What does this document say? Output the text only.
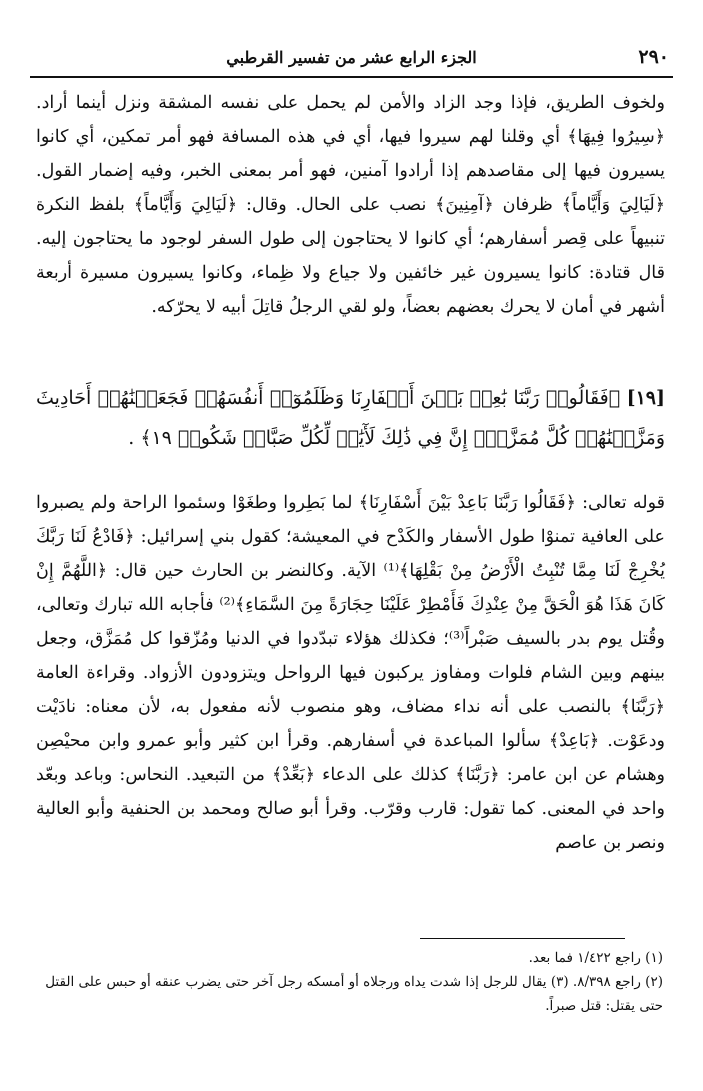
٢٩٠
الجزء الرابع عشر من تفسير القرطبي

ولخوف الطريق، فإذا وجد الزاد والأمن لم يحمل على نفسه المشقة ونزل أينما أراد. ﴿سِيرُوا فِيهَا﴾ أي وقلنا لهم سيروا فيها، أي في هذه المسافة فهو أمر تمكين، أي كانوا يسيرون فيها إلى مقاصدهم إذا أرادوا آمنين، فهو أمر بمعنى الخبر، وفيه إضمار القول. ﴿لَيَالِيَ وَأَيَّاماً﴾ ظرفان ﴿آمِنِينَ﴾ نصب على الحال. وقال: ﴿لَيَالِيَ وَأَيَّاماً﴾ بلفظ النكرة تنبيهاً على قِصر أسفارهم؛ أي كانوا لا يحتاجون إلى طول السفر لوجود ما يحتاجون إليه. قال قتادة: كانوا يسيرون غير خائفين ولا جياع ولا ظِماء، وكانوا يسيرون مسيرة أربعة أشهر في أمان لا يحرك بعضهم بعضاً، ولو لقي الرجلُ قاتِلَ أبيه لا يحرّكه.

[١٩] ﴿فَقَالُوا۟ رَبَّنَا بَٰعِدۡ بَيۡنَ أَسۡفَارِنَا وَظَلَمُوٓا۟ أَنفُسَهُمۡ فَجَعَلۡنَٰهُمۡ أَحَادِيثَ وَمَزَّقۡنَٰهُمۡ كُلَّ مُمَزَّقٍۚ إِنَّ فِي ذَٰلِكَ لَأٓيَٰتٖ لِّكُلِّ صَبَّارٖ شَكُورٖ ١٩﴾ .

قوله تعالى: ﴿فَقَالُوا رَبَّنَا بَاعِدْ بَيْنَ أَسْفَارِنَا﴾ لما بَطِروا وطغَوْا وسئموا الراحة ولم يصبروا على العافية تمنوْا طول الأسفار والكَدْح في المعيشة؛ كقول بني إسرائيل: ﴿فَادْعُ لَنَا رَبَّكَ يُخْرِجْ لَنَا مِمَّا تُنْبِتُ الْأَرْضُ مِنْ بَقْلِهَا﴾⁽¹⁾ الآية. وكالنضر بن الحارث حين قال: ﴿اللَّهُمَّ إِنْ كَانَ هَذَا هُوَ الْحَقَّ مِنْ عِنْدِكَ فَأَمْطِرْ عَلَيْنَا حِجَارَةً مِنَ السَّمَاءِ﴾⁽²⁾ فأجابه الله تبارك وتعالى، وقُتل يوم بدر بالسيف صَبْراً⁽³⁾؛ فكذلك هؤلاء تبدّدوا في الدنيا ومُزّقوا كل مُمَزَّق، وجعل بينهم وبين الشام فلوات ومفاوز يركبون فيها الرواحل ويتزودون الأزواد. وقراءة العامة ﴿رَبَّنَا﴾ بالنصب على أنه نداء مضاف، وهو منصوب لأنه مفعول به، لأن معناه: نادَيْت ودعَوْت. ﴿بَاعِدْ﴾ سألوا المباعدة في أسفارهم. وقرأ ابن كثير وأبو عمرو وابن محيْصِن وهشام عن ابن عامر: ﴿رَبَّنَا﴾ كذلك على الدعاء ﴿بَعِّدْ﴾ من التبعيد. النحاس: وباعد وبعّد واحد في المعنى. كما تقول: قارب وقرّب. وقرأ أبو صالح ومحمد بن الحنفية وأبو العالية ونصر بن عاصم

(١) راجع ١/٤٢٢ فما بعد.

(٢) راجع ٨/٣٩٨. (٣) يقال للرجل إذا شدت يداه ورجلاه أو أمسكه رجل آخر حتى يضرب عنقه أو حبس على القتل حتى يقتل: قتل صبراً.
